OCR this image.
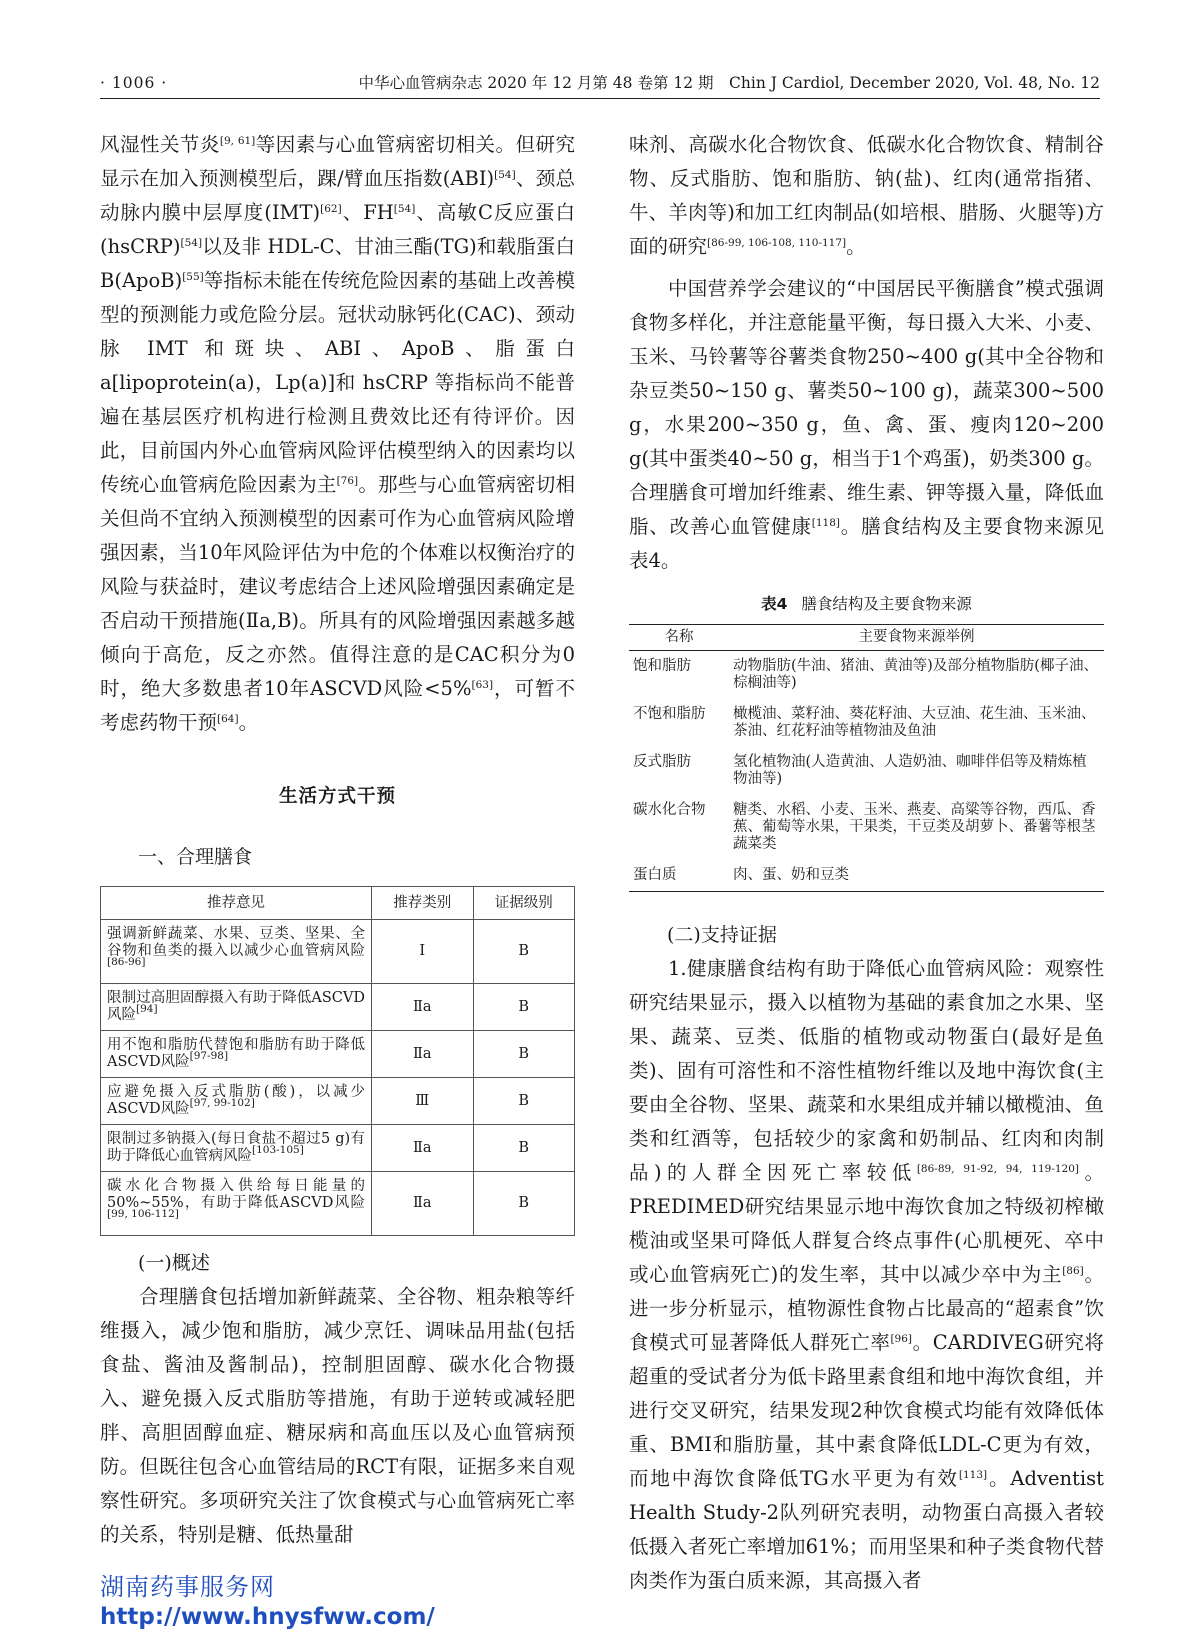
· 1006 ·	中华心血管病杂志 2020 年 12 月第 48 卷第 12 期　Chin J Cardiol, December 2020, Vol. 48, No. 12

风湿性关节炎[9, 61]等因素与心血管病密切相关。但研究显示在加入预测模型后，踝/臂血压指数(ABI)[54]、颈总动脉内膜中层厚度(IMT)[62]、FH[54]、高敏C反应蛋白(hsCRP)[54]以及非 HDL-C、甘油三酯(TG)和载脂蛋白B(ApoB)[55]等指标未能在传统危险因素的基础上改善模型的预测能力或危险分层。冠状动脉钙化(CAC)、颈动脉 IMT 和斑块、ABI、ApoB、脂蛋白 a[lipoprotein(a)，Lp(a)]和 hsCRP 等指标尚不能普遍在基层医疗机构进行检测且费效比还有待评价。因此，目前国内外心血管病风险评估模型纳入的因素均以传统心血管病危险因素为主[76]。那些与心血管病密切相关但尚不宜纳入预测模型的因素可作为心血管病风险增强因素，当10年风险评估为中危的个体难以权衡治疗的风险与获益时，建议考虑结合上述风险增强因素确定是否启动干预措施(Ⅱa,B)。所具有的风险增强因素越多越倾向于高危，反之亦然。值得注意的是CAC积分为0时，绝大多数患者10年ASCVD风险<5%[63]，可暂不考虑药物干预[64]。

生活方式干预
一、合理膳食
推荐意见	推荐类别	证据级别
强调新鲜蔬菜、水果、豆类、坚果、全谷物和鱼类的摄入以减少心血管病风险[86-96]	Ⅰ	B
限制过高胆固醇摄入有助于降低ASCVD风险[94]	Ⅱa	B
用不饱和脂肪代替饱和脂肪有助于降低ASCVD风险[97-98]	Ⅱa	B
应避免摄入反式脂肪(酸)，以减少ASCVD风险[97, 99-102]	Ⅲ	B
限制过多钠摄入(每日食盐不超过5 g)有助于降低心血管病风险[103-105]	Ⅱa	B
碳水化合物摄入供给每日能量的50%~55%，有助于降低ASCVD风险[99, 106-112]	Ⅱa	B
(一)概述

合理膳食包括增加新鲜蔬菜、全谷物、粗杂粮等纤维摄入，减少饱和脂肪，减少烹饪、调味品用盐(包括食盐、酱油及酱制品)，控制胆固醇、碳水化合物摄入、避免摄入反式脂肪等措施，有助于逆转或减轻肥胖、高胆固醇血症、糖尿病和高血压以及心血管病预防。但既往包含心血管结局的RCT有限，证据多来自观察性研究。多项研究关注了饮食模式与心血管病死亡率的关系，特别是糖、低热量甜

味剂、高碳水化合物饮食、低碳水化合物饮食、精制谷物、反式脂肪、饱和脂肪、钠(盐)、红肉(通常指猪、牛、羊肉等)和加工红肉制品(如培根、腊肠、火腿等)方面的研究[86-99, 106-108, 110-117]。

中国营养学会建议的“中国居民平衡膳食”模式强调食物多样化，并注意能量平衡，每日摄入大米、小麦、玉米、马铃薯等谷薯类食物250~400 g(其中全谷物和杂豆类50~150 g、薯类50~100 g)，蔬菜300~500 g，水果200~350 g，鱼、禽、蛋、瘦肉120~200 g(其中蛋类40~50 g，相当于1个鸡蛋)，奶类300 g。合理膳食可增加纤维素、维生素、钾等摄入量，降低血脂、改善心血管健康[118]。膳食结构及主要食物来源见表4。

表4 膳食结构及主要食物来源
名称	主要食物来源举例
饱和脂肪	动物脂肪(牛油、猪油、黄油等)及部分植物脂肪(椰子油、棕榈油等)
不饱和脂肪	橄榄油、菜籽油、葵花籽油、大豆油、花生油、玉米油、茶油、红花籽油等植物油及鱼油
反式脂肪	氢化植物油(人造黄油、人造奶油、咖啡伴侣等及精炼植物油等)
碳水化合物	糖类、水稻、小麦、玉米、燕麦、高粱等谷物，西瓜、香蕉、葡萄等水果，干果类，干豆类及胡萝卜、番薯等根茎蔬菜类
蛋白质	肉、蛋、奶和豆类
(二)支持证据

1.健康膳食结构有助于降低心血管病风险：观察性研究结果显示，摄入以植物为基础的素食加之水果、坚果、蔬菜、豆类、低脂的植物或动物蛋白(最好是鱼类)、固有可溶性和不溶性植物纤维以及地中海饮食(主要由全谷物、坚果、蔬菜和水果组成并辅以橄榄油、鱼类和红酒等，包括较少的家禽和奶制品、红肉和肉制品)的人群全因死亡率较低[86-89, 91-92, 94, 119-120]。PREDIMED研究结果显示地中海饮食加之特级初榨橄榄油或坚果可降低人群复合终点事件(心肌梗死、卒中或心血管病死亡)的发生率，其中以减少卒中为主[86]。进一步分析显示，植物源性食物占比最高的“超素食”饮食模式可显著降低人群死亡率[96]。CARDIVEG研究将超重的受试者分为低卡路里素食组和地中海饮食组，并进行交叉研究，结果发现2种饮食模式均能有效降低体重、BMI和脂肪量，其中素食降低LDL-C更为有效，而地中海饮食降低TG水平更为有效[113]。Adventist Health Study-2队列研究表明，动物蛋白高摄入者较低摄入者死亡率增加61%；而用坚果和种子类食物代替肉类作为蛋白质来源，其高摄入者

湖南药事服务网
http://www.hnysfww.com/
